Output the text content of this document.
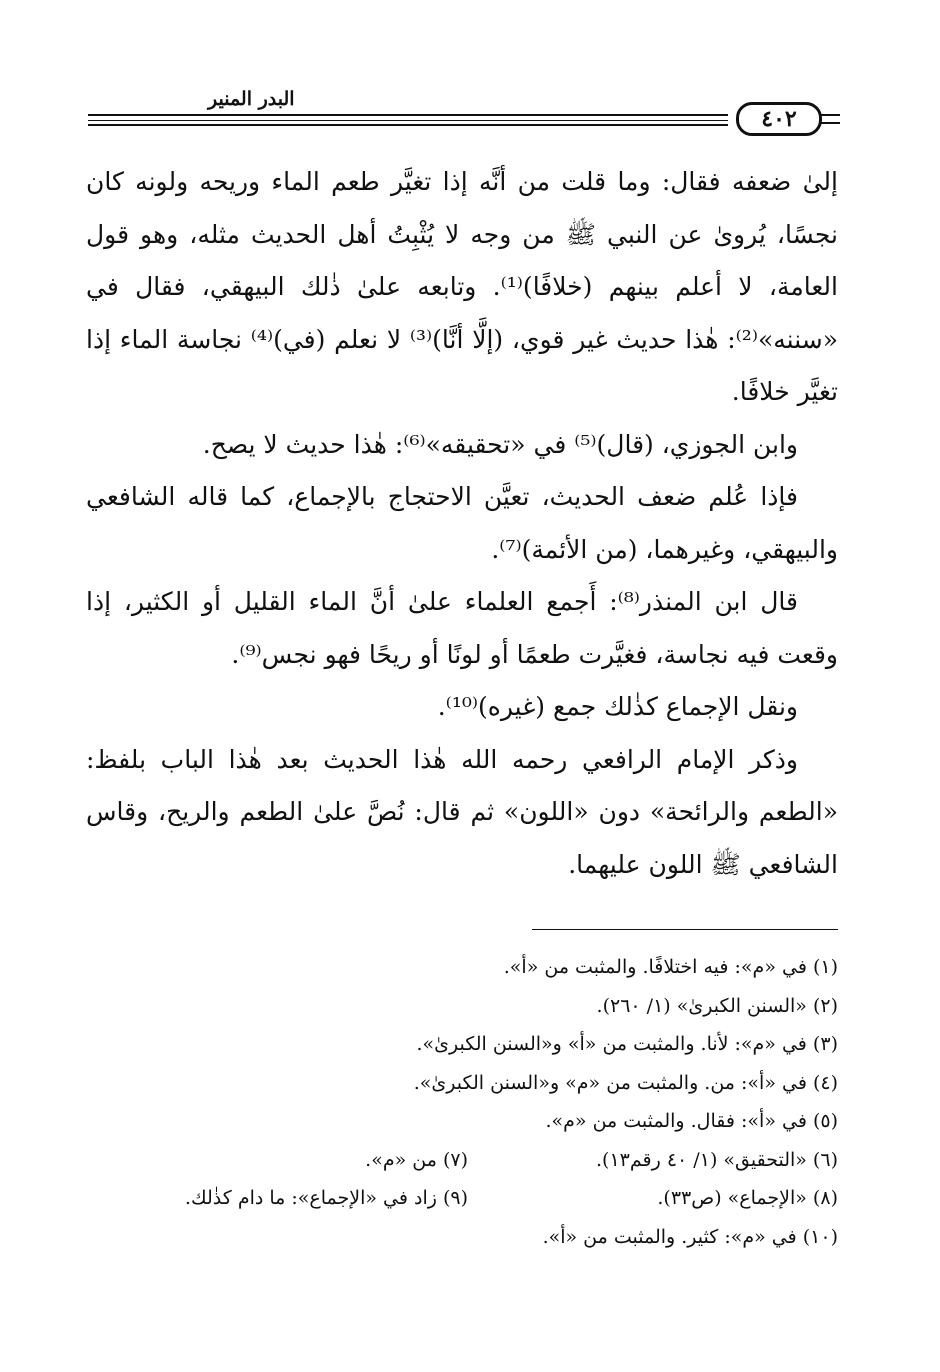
البدر المنير
٤٠٢

إلىٰ ضعفه فقال: وما قلت من أنَّه إذا تغيَّر طعم الماء وريحه ولونه كان نجسًا، يُروىٰ عن النبي ﷺ من وجه لا يُثْبِتُ أهل الحديث مثله، وهو قول العامة، لا أعلم بينهم (خلافًا)⁽¹⁾. وتابعه علىٰ ذٰلك البيهقي، فقال في «سننه»⁽²⁾: هٰذا حديث غير قوي، (إلَّا أنَّا)⁽³⁾ لا نعلم (في)⁽⁴⁾ نجاسة الماء إذا تغيَّر خلافًا.

وابن الجوزي، (قال)⁽⁵⁾ في «تحقيقه»⁽⁶⁾: هٰذا حديث لا يصح.

فإذا عُلم ضعف الحديث، تعيَّن الاحتجاج بالإجماع، كما قاله الشافعي والبيهقي، وغيرهما، (من الأئمة)⁽⁷⁾.

قال ابن المنذر⁽⁸⁾: أَجمع العلماء علىٰ أنَّ الماء القليل أو الكثير، إذا وقعت فيه نجاسة، فغيَّرت طعمًا أو لونًا أو ريحًا فهو نجس⁽⁹⁾.

ونقل الإجماع كذٰلك جمع (غيره)⁽¹⁰⁾.

وذكر الإمام الرافعي رحمه الله هٰذا الحديث بعد هٰذا الباب بلفظ: «الطعم والرائحة» دون «اللون» ثم قال: نُصَّ علىٰ الطعم والريح، وقاس الشافعي ﷺ اللون عليهما.

(١) في «م»: فيه اختلافًا. والمثبت من «أ».
(٢) «السنن الكبرىٰ» (١/ ٢٦٠).
(٣) في «م»: لأنا. والمثبت من «أ» و«السنن الكبرىٰ».
(٤) في «أ»: من. والمثبت من «م» و«السنن الكبرىٰ».
(٥) في «أ»: فقال. والمثبت من «م».
(٦) «التحقيق» (١/ ٤٠ رقم١٣).
(٧) من «م».
(٨) «الإجماع» (ص٣٣).
(٩) زاد في «الإجماع»: ما دام كذٰلك.
(١٠) في «م»: كثير. والمثبت من «أ».
